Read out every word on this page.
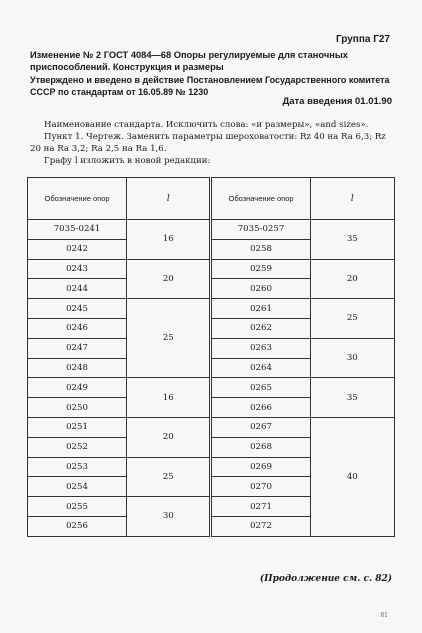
Группа Г27
Изменение № 2 ГОСТ 4084—68 Опоры регулируемые для станочных приспособлений. Конструкция и размеры
Утверждено и введено в действие Постановлением Государственного комитета СССР по стандартам от 16.05.89 № 1230
Дата введения 01.01.90
Наименование стандарта. Исключить слова: «и размеры», «and sizes».
Пункт 1. Чертеж. Заменить параметры шероховатости: Rz 40 на Ra 6,3; Rz 20 на Ra 3,2; Ra 2,5 на Ra 1,6.
Графу l изложить в новой редакции:
Обозначение опор	l	Обозначение опор	l
7035-0241	16	7035-0257	35
0242		0258	
0243	20	0259	20
0244		0260	
0245	25	0261	25
0246		0262	
0247		0263	30
0248		0264	
0249	16	0265	35
0250		0266	
0251	20	0267	40
0252		0268	
0253	25	0269	
0254		0270	
0255	30	0271	
0256		0272	
(Продолжение см. с. 82)
81
